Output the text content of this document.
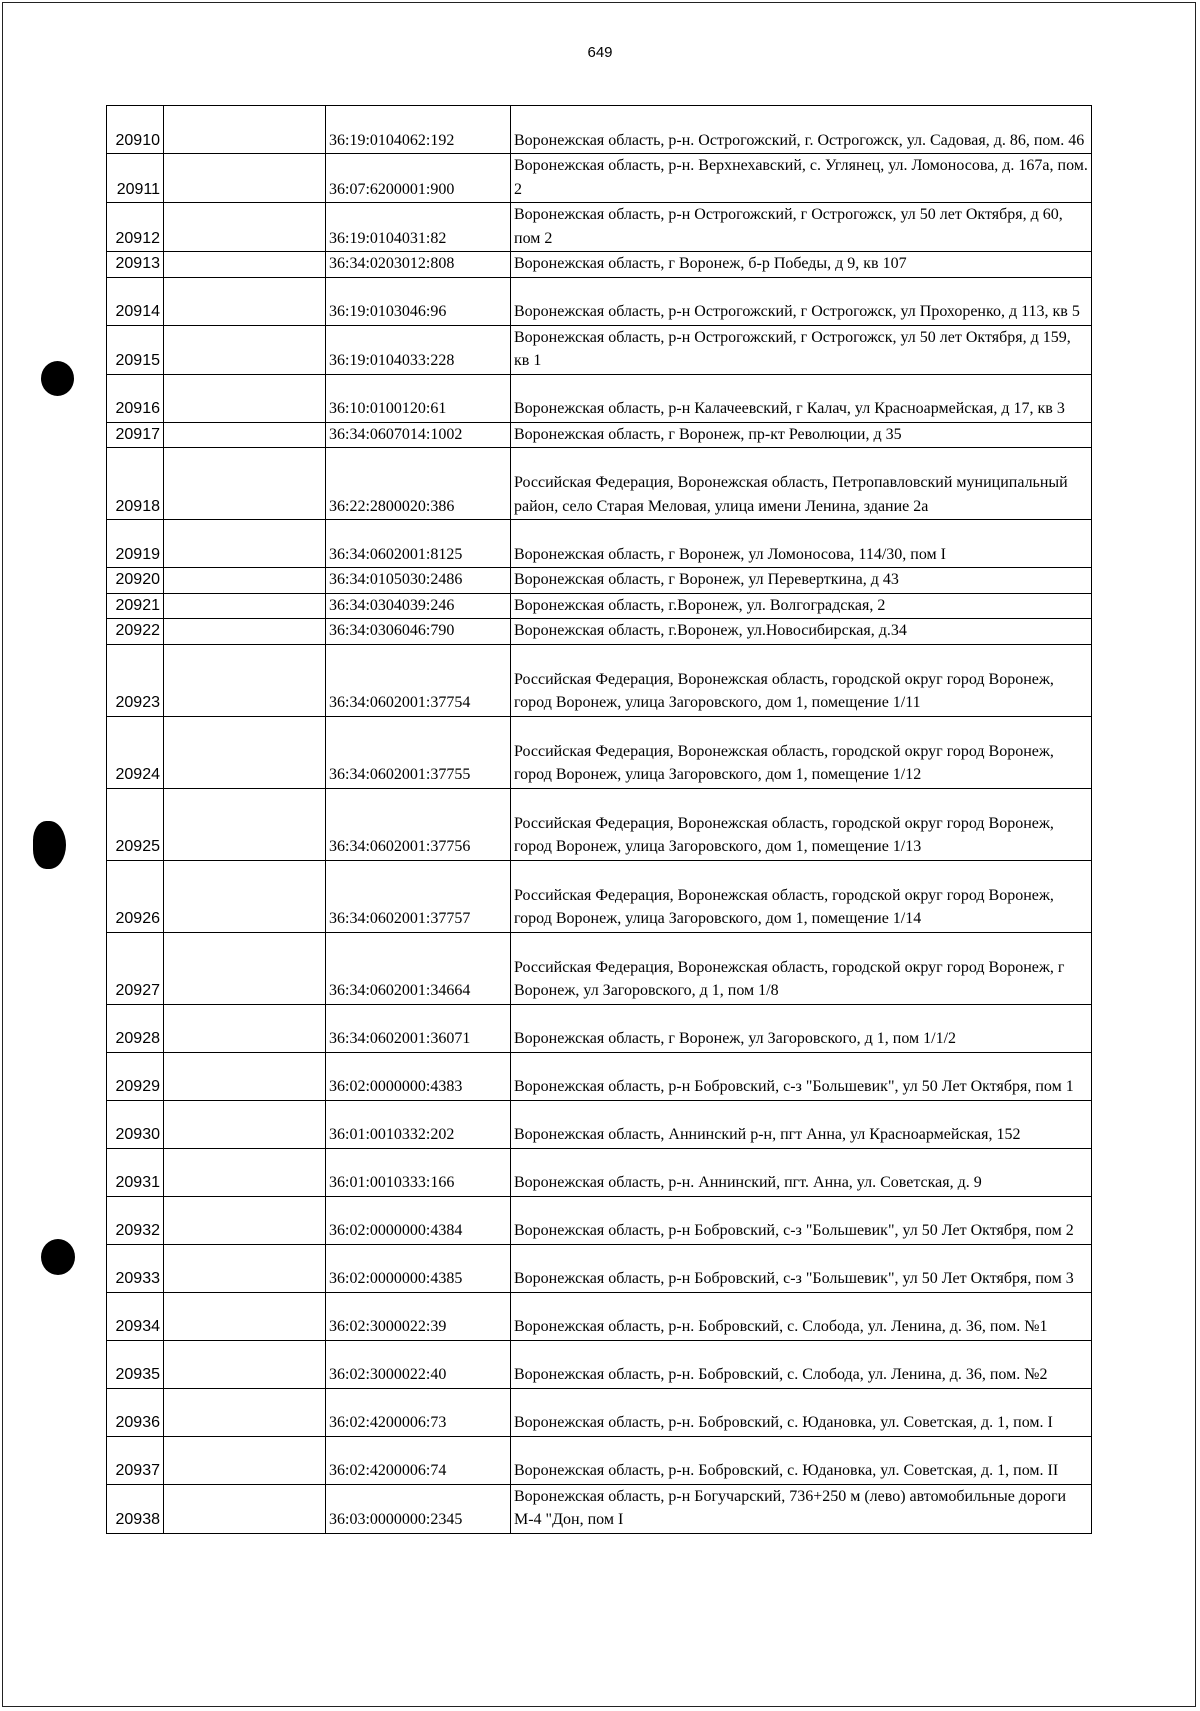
649
20910		36:19:0104062:192	Воронежская область, р-н. Острогожский, г. Острогожск, ул. Садовая, д. 86, пом. 46
20911		36:07:6200001:900	Воронежская область, р-н. Верхнехавский, с. Углянец, ул. Ломоносова, д. 167а, пом. 2
20912		36:19:0104031:82	Воронежская область, р-н Острогожский, г Острогожск, ул 50 лет Октября, д 60, пом 2
20913		36:34:0203012:808	Воронежская область, г Воронеж, б-р Победы, д 9, кв 107
20914		36:19:0103046:96	Воронежская область, р-н Острогожский, г Острогожск, ул Прохоренко, д 113, кв 5
20915		36:19:0104033:228	Воронежская область, р-н Острогожский, г Острогожск, ул 50 лет Октября, д 159, кв 1
20916		36:10:0100120:61	Воронежская область, р-н Калачеевский, г Калач, ул Красноармейская, д 17, кв 3
20917		36:34:0607014:1002	Воронежская область, г Воронеж, пр-кт Революции, д 35
20918		36:22:2800020:386	Российская Федерация, Воронежская область, Петропавловский муниципальный район, село Старая Меловая, улица имени Ленина, здание 2а
20919		36:34:0602001:8125	Воронежская область, г Воронеж, ул Ломоносова, 114/30, пом I
20920		36:34:0105030:2486	Воронежская область, г Воронеж, ул Переверткина, д 43
20921		36:34:0304039:246	Воронежская область, г.Воронеж, ул. Волгоградская, 2
20922		36:34:0306046:790	Воронежская область, г.Воронеж, ул.Новосибирская, д.34
20923		36:34:0602001:37754	Российская Федерация, Воронежская область, городской округ город Воронеж, город Воронеж, улица Загоровского, дом 1, помещение 1/11
20924		36:34:0602001:37755	Российская Федерация, Воронежская область, городской округ город Воронеж, город Воронеж, улица Загоровского, дом 1, помещение 1/12
20925		36:34:0602001:37756	Российская Федерация, Воронежская область, городской округ город Воронеж, город Воронеж, улица Загоровского, дом 1, помещение 1/13
20926		36:34:0602001:37757	Российская Федерация, Воронежская область, городской округ город Воронеж, город Воронеж, улица Загоровского, дом 1, помещение 1/14
20927		36:34:0602001:34664	Российская Федерация, Воронежская область, городской округ город Воронеж, г Воронеж, ул Загоровского, д 1, пом 1/8
20928		36:34:0602001:36071	Воронежская область, г Воронеж, ул Загоровского, д 1, пом 1/1/2
20929		36:02:0000000:4383	Воронежская область, р-н Бобровский, с-з "Большевик", ул 50 Лет Октября, пом 1
20930		36:01:0010332:202	Воронежская область, Аннинский р-н, пгт Анна, ул Красноармейская, 152
20931		36:01:0010333:166	Воронежская область, р-н. Аннинский, пгт. Анна, ул. Советская, д. 9
20932		36:02:0000000:4384	Воронежская область, р-н Бобровский, с-з "Большевик", ул 50 Лет Октября, пом 2
20933		36:02:0000000:4385	Воронежская область, р-н Бобровский, с-з "Большевик", ул 50 Лет Октября, пом 3
20934		36:02:3000022:39	Воронежская область, р-н. Бобровский, с. Слобода, ул. Ленина, д. 36, пом. №1
20935		36:02:3000022:40	Воронежская область, р-н. Бобровский, с. Слобода, ул. Ленина, д. 36, пом. №2
20936		36:02:4200006:73	Воронежская область, р-н. Бобровский, с. Юдановка, ул. Советская, д. 1, пом. I
20937		36:02:4200006:74	Воронежская область, р-н. Бобровский, с. Юдановка, ул. Советская, д. 1, пом. II
20938		36:03:0000000:2345	Воронежская область, р-н Богучарский, 736+250 м (лево) автомобильные дороги М-4 "Дон, пом I
